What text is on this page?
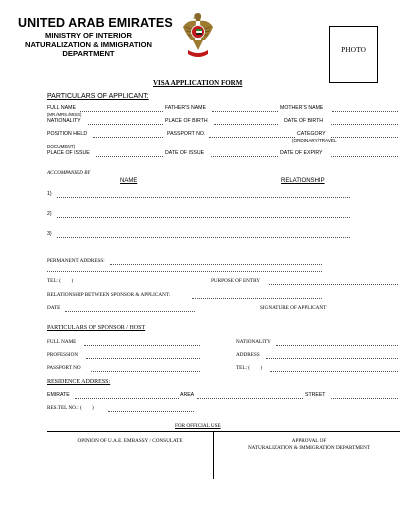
UNITED ARAB EMIRATES
MINISTRY OF INTERIOR
NATURALIZATION & IMMIGRATION
DEPARTMENT	PHOTO
VISA APPLICATION FORM
PARTICULARS OF APPLICANT:
FULL NAME	FATHER'S NAME	MOTHER'S NAME
(MR./MRS./MISS)
NATIONALITY	PLACE OF BIRTH	DATE OF BIRTH
POSITION HELD	PASSPORT NO.	CATEGORY
(ORDINARY/TRAVEL
DOCUMENT)
PLACE OF ISSUE	DATE OF ISSUE	DATE OF EXPIRY
ACCOMPANIED BY
NAME	RELATIONSHIP
1)
2)
3)
PERMANENT ADDRESS:
TEL: (        )	PURPOSE OF ENTRY
RELATIONSHIP BETWEEN SPONSOR & APPLICANT:
DATE	SIGNATURE OF APPLICANT
PARTICULARS OF SPONSOR / HOST
FULL NAME	NATIONALITY
PROFESSION	ADDRESS
PASSPORT NO	TEL: (        )
RESIDENCE ADDRESS:
EMIRATE	AREA	STREET
RES.TEL NO.: (        )
FOR OFFICIAL USE
OPINION OF U.A.E. EMBASSY / CONSULATE	APPROVAL OF
NATURALIZATION & IMMIGRATION DEPARTMENT
